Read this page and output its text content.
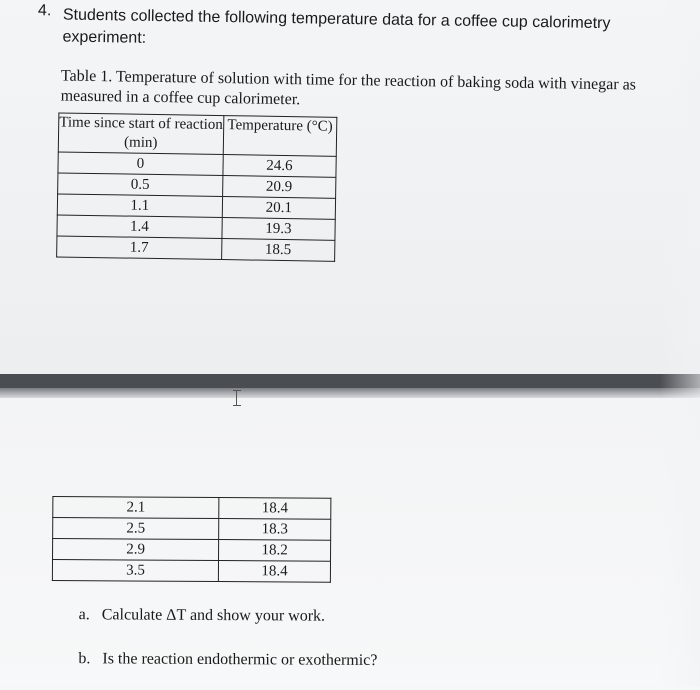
4. Students collected the following temperature data for a coffee cup calorimetry experiment:
Table 1. Temperature of solution with time for the reaction of baking soda with vinegar as measured in a coffee cup calorimeter.
Time since start of reaction (min)	Temperature (°C)
0	24.6
0.5	20.9
1.1	20.1
1.4	19.3
1.7	18.5
2.1	18.4
2.5	18.3
2.9	18.2
3.5	18.4
a. Calculate ΔT and show your work.
b. Is the reaction endothermic or exothermic?
